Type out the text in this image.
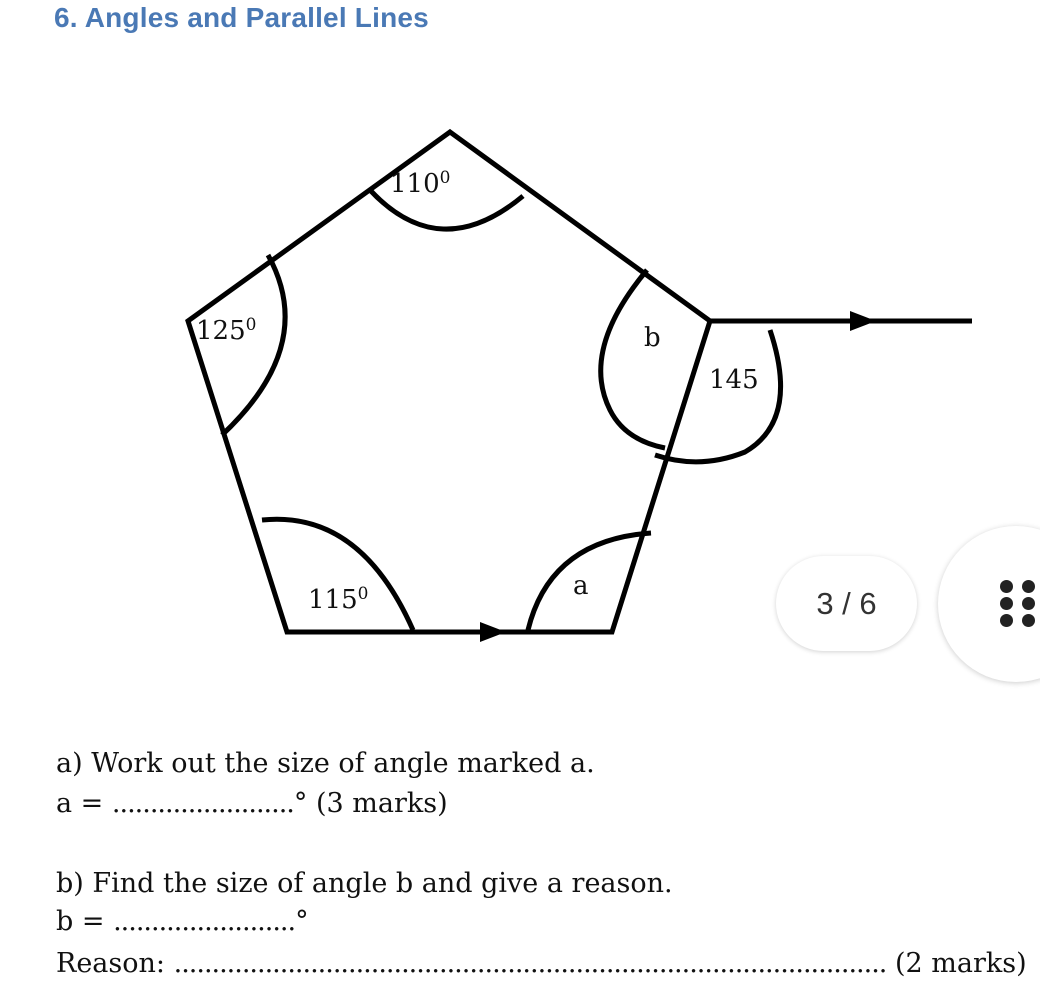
6. Angles and Parallel Lines
$110^0$
$125^0$
$115^0$	a
b
145

a) Work out the size of angle marked a.

a = ........................° (3 marks)

b) Find the size of angle b and give a reason.

b = ........................°

Reason: .............................................................................................. (2 marks)

3 / 6
